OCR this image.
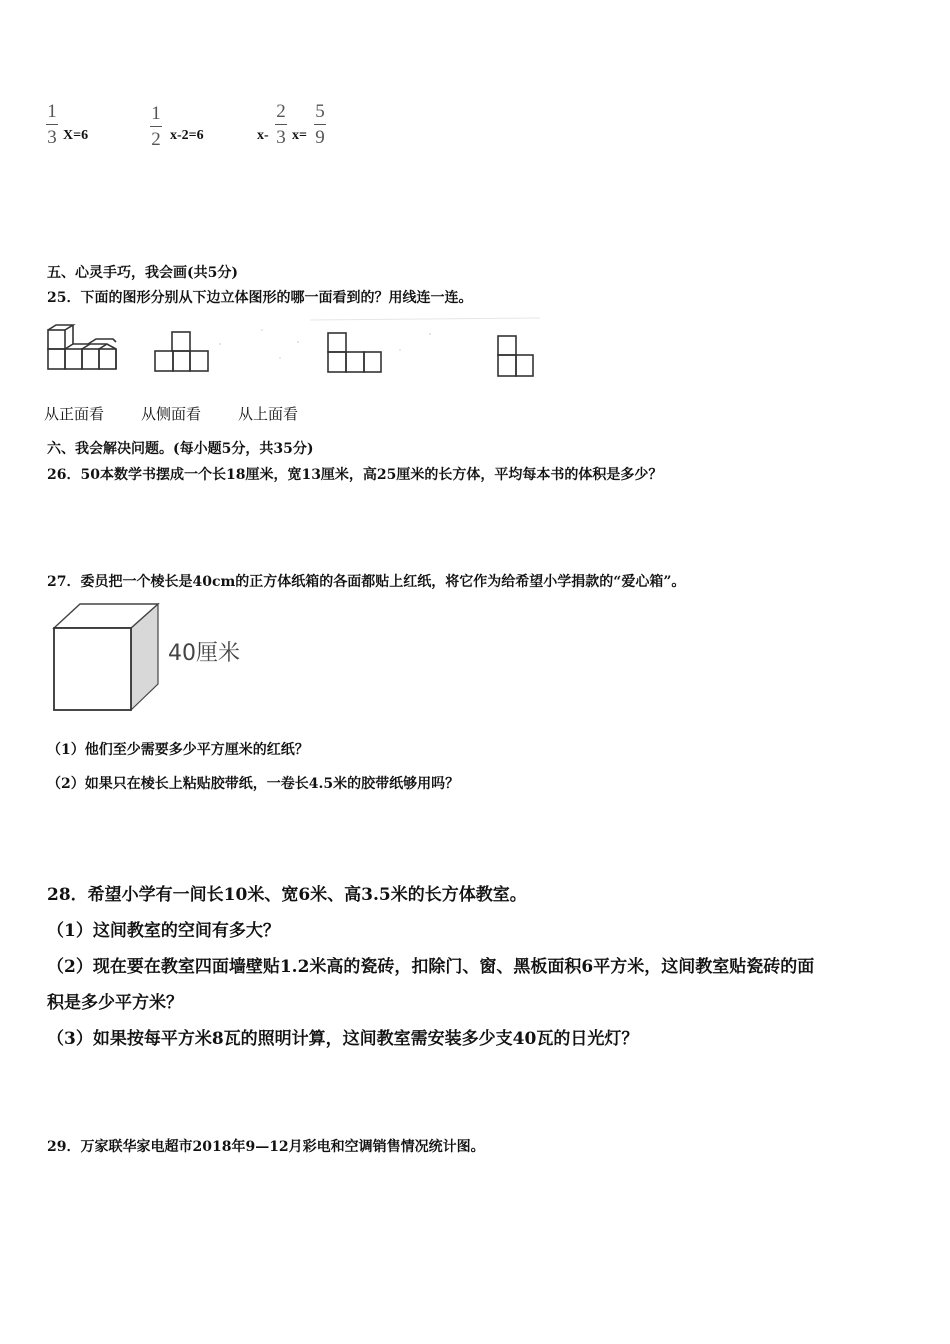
1
3 X=6
1
2 x-2=6	x-
2
3 x=
5
9
五、心灵手巧，我会画(共5分)
25．下面的图形分别从下边立体图形的哪一面看到的？用线连一连。
从正面看 从侧面看 从上面看
六、我会解决问题。(每小题5分，共35分)
26．50本数学书摆成一个长18厘米，宽13厘米，高25厘米的长方体，平均每本书的体积是多少？
27．委员把一个棱长是40cm的正方体纸箱的各面都贴上红纸，将它作为给希望小学捐款的“爱心箱”。
40厘米
（1）他们至少需要多少平方厘米的红纸？
（2）如果只在棱长上粘贴胶带纸，一卷长4.5米的胶带纸够用吗？
28．希望小学有一间长10米、宽6米、高3.5米的长方体教室。
（1）这间教室的空间有多大？
（2）现在要在教室四面墙壁贴1.2米高的瓷砖，扣除门、窗、黑板面积6平方米，这间教室贴瓷砖的面
积是多少平方米？
（3）如果按每平方米8瓦的照明计算，这间教室需安装多少支40瓦的日光灯？
29．万家联华家电超市2018年9—12月彩电和空调销售情况统计图。
